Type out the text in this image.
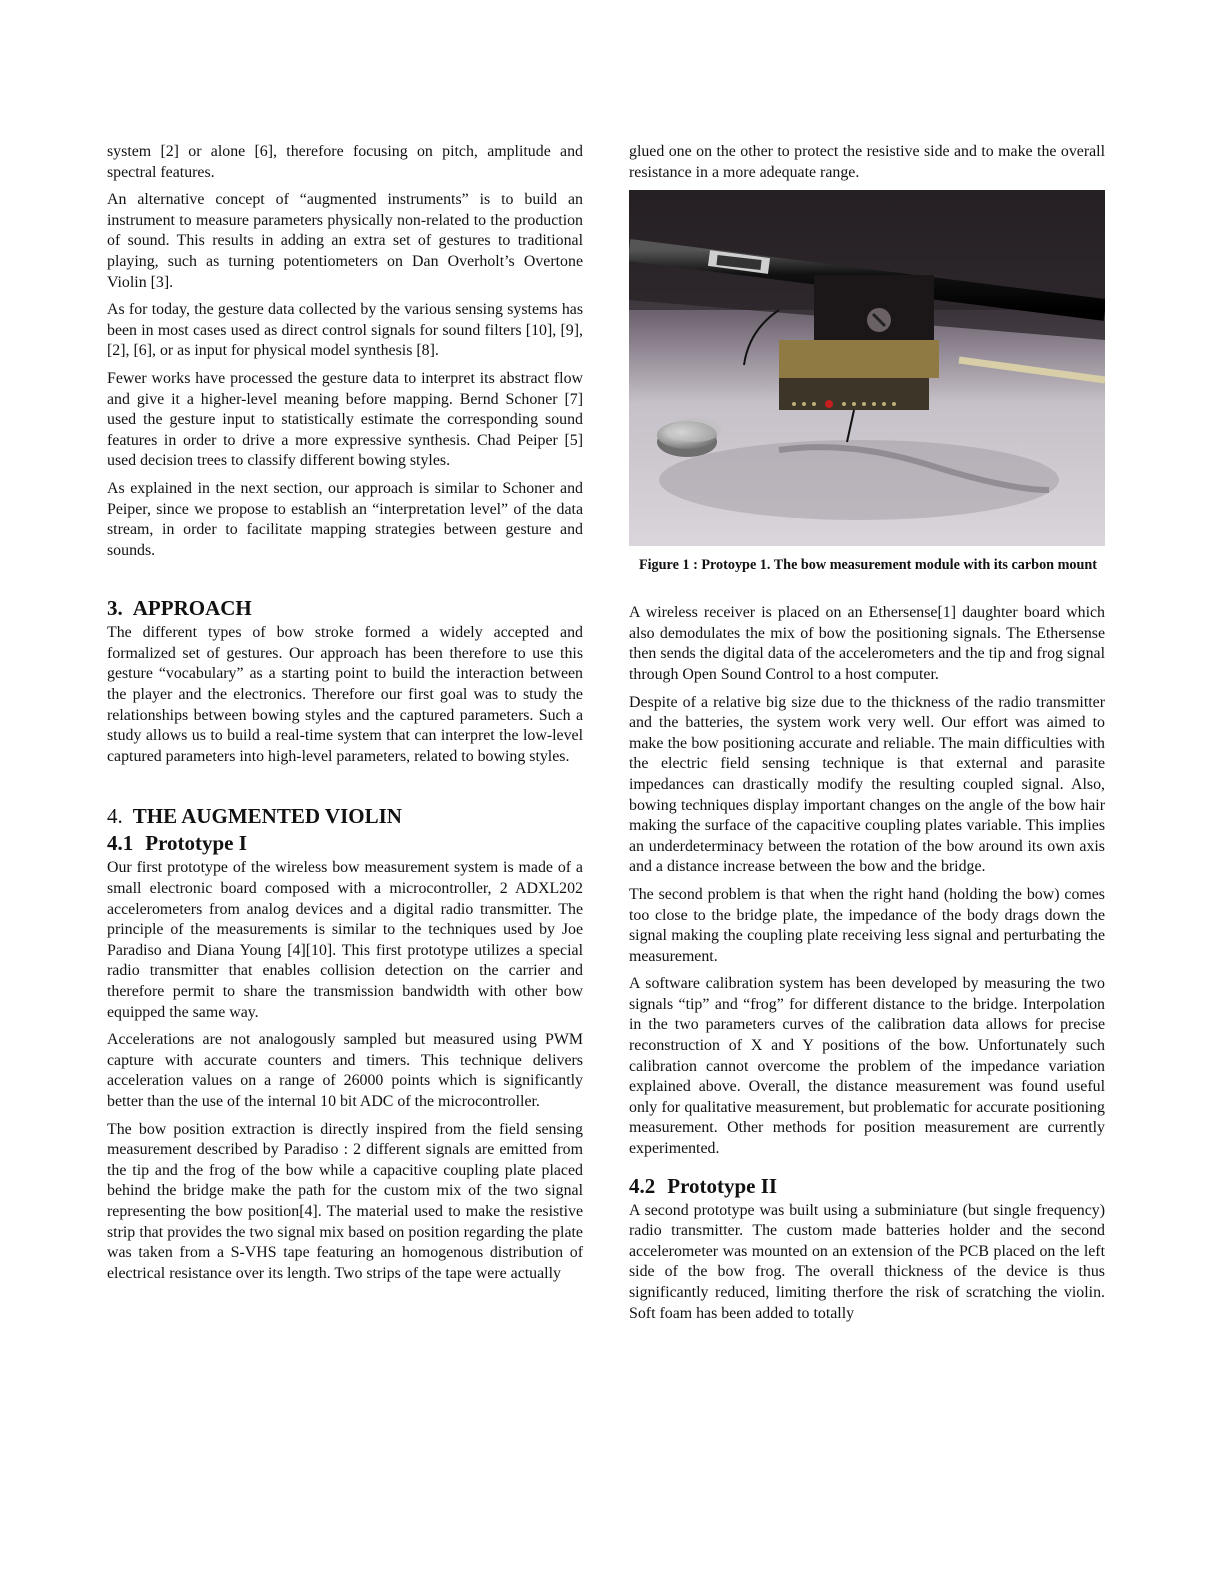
system [2] or alone [6], therefore focusing on pitch, amplitude and spectral features.

An alternative concept of “augmented instruments” is to build an instrument to measure parameters physically non-related to the production of sound. This results in adding an extra set of gestures to traditional playing, such as turning potentiometers on Dan Overholt’s Overtone Violin [3].

As for today, the gesture data collected by the various sensing systems has been in most cases used as direct control signals for sound filters [10], [9], [2], [6], or as input for physical model synthesis [8].

Fewer works have processed the gesture data to interpret its abstract flow and give it a higher-level meaning before mapping. Bernd Schoner [7] used the gesture input to statistically estimate the corresponding sound features in order to drive a more expressive synthesis. Chad Peiper [5] used decision trees to classify different bowing styles.

As explained in the next section, our approach is similar to Schoner and Peiper, since we propose to establish an “interpretation level” of the data stream, in order to facilitate mapping strategies between gesture and sounds.

3. APPROACH

The different types of bow stroke formed a widely accepted and formalized set of gestures. Our approach has been therefore to use this gesture “vocabulary” as a starting point to build the interaction between the player and the electronics. Therefore our first goal was to study the relationships between bowing styles and the captured parameters. Such a study allows us to build a real-time system that can interpret the low-level captured parameters into high-level parameters, related to bowing styles.

4. THE AUGMENTED VIOLIN
4.1 Prototype I

Our first prototype of the wireless bow measurement system is made of a small electronic board composed with a microcontroller, 2 ADXL202 accelerometers from analog devices and a digital radio transmitter. The principle of the measurements is similar to the techniques used by Joe Paradiso and Diana Young [4][10]. This first prototype utilizes a special radio transmitter that enables collision detection on the carrier and therefore permit to share the transmission bandwidth with other bow equipped the same way.

Accelerations are not analogously sampled but measured using PWM capture with accurate counters and timers. This technique delivers acceleration values on a range of 26000 points which is significantly better than the use of the internal 10 bit ADC of the microcontroller.

The bow position extraction is directly inspired from the field sensing measurement described by Paradiso : 2 different signals are emitted from the tip and the frog of the bow while a capacitive coupling plate placed behind the bridge make the path for the custom mix of the two signal representing the bow position[4]. The material used to make the resistive strip that provides the two signal mix based on position regarding the plate was taken from a S-VHS tape featuring an homogenous distribution of electrical resistance over its length. Two strips of the tape were actually

glued one on the other to protect the resistive side and to make the overall resistance in a more adequate range.

Figure 1 : Protoype 1. The bow measurement module with its carbon mount

A wireless receiver is placed on an Ethersense[1] daughter board which also demodulates the mix of bow the positioning signals. The Ethersense then sends the digital data of the accelerometers and the tip and frog signal through Open Sound Control to a host computer.

Despite of a relative big size due to the thickness of the radio transmitter and the batteries, the system work very well. Our effort was aimed to make the bow positioning accurate and reliable. The main difficulties with the electric field sensing technique is that external and parasite impedances can drastically modify the resulting coupled signal. Also, bowing techniques display important changes on the angle of the bow hair making the surface of the capacitive coupling plates variable. This implies an underdeterminacy between the rotation of the bow around its own axis and a distance increase between the bow and the bridge.

The second problem is that when the right hand (holding the bow) comes too close to the bridge plate, the impedance of the body drags down the signal making the coupling plate receiving less signal and perturbating the measurement.

A software calibration system has been developed by measuring the two signals “tip” and “frog” for different distance to the bridge. Interpolation in the two parameters curves of the calibration data allows for precise reconstruction of X and Y positions of the bow. Unfortunately such calibration cannot overcome the problem of the impedance variation explained above. Overall, the distance measurement was found useful only for qualitative measurement, but problematic for accurate positioning measurement. Other methods for position measurement are currently experimented.

4.2 Prototype II

A second prototype was built using a subminiature (but single frequency) radio transmitter. The custom made batteries holder and the second accelerometer was mounted on an extension of the PCB placed on the left side of the bow frog. The overall thickness of the device is thus significantly reduced, limiting therfore the risk of scratching the violin. Soft foam has been added to totally
